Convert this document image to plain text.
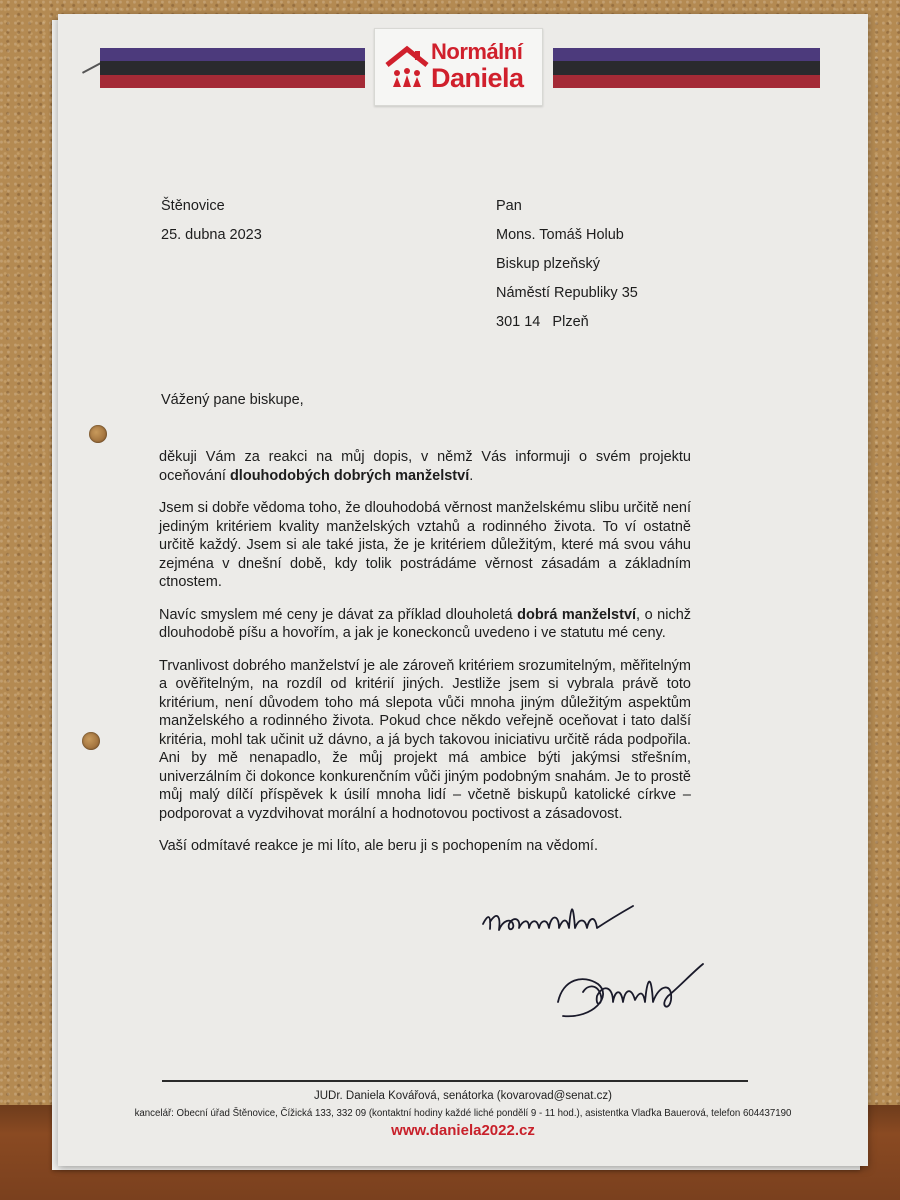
Normální
Daniela
Štěnovice
25. dubna 2023
Pan
Mons. Tomáš Holub
Biskup plzeňský
Náměstí Republiky 35
301 14   Plzeň
Vážený pane biskupe,

děkuji Vám za reakci na můj dopis, v němž Vás informuji o svém projektu oceňování dlouhodobých dobrých manželství.

Jsem si dobře vědoma toho, že dlouhodobá věrnost manželskému slibu určitě není jediným kritériem kvality manželských vztahů a rodinného života. To ví ostatně určitě každý. Jsem si ale také jista, že je kritériem důležitým, které má svou váhu zejména v dnešní době, kdy tolik postrádáme věrnost zásadám a základním ctnostem.

Navíc smyslem mé ceny je dávat za příklad dlouholetá dobrá manželství, o nichž dlouhodobě píšu a hovořím, a jak je koneckonců uvedeno i ve statutu mé ceny.

Trvanlivost dobrého manželství je ale zároveň kritériem srozumitelným, měřitelným a ověřitelným, na rozdíl od kritérií jiných. Jestliže jsem si vybrala právě toto kritérium, není důvodem toho má slepota vůči mnoha jiným důležitým aspektům manželského a rodinného života. Pokud chce někdo veřejně oceňovat i tato další kritéria, mohl tak učinit už dávno, a já bych takovou iniciativu určitě ráda podpořila. Ani by mě nenapadlo, že můj projekt má ambice býti jakýmsi střešním, univerzálním či dokonce konkurenčním vůči jiným podobným snahám. Je to prostě můj malý dílčí příspěvek k úsilí mnoha lidí – včetně biskupů katolické církve – podporovat a vyzdvihovat morální a hodnotovou poctivost a zásadovost.

Vaší odmítavé reakce je mi líto, ale beru ji s pochopením na vědomí.

JUDr. Daniela Kovářová, senátorka (kovarovad@senat.cz)
kancelář: Obecní úřad Štěnovice, Čížická 133, 332 09 (kontaktní hodiny každé liché pondělí 9 - 11 hod.), asistentka Vlaďka Bauerová, telefon 604437190
www.daniela2022.cz
